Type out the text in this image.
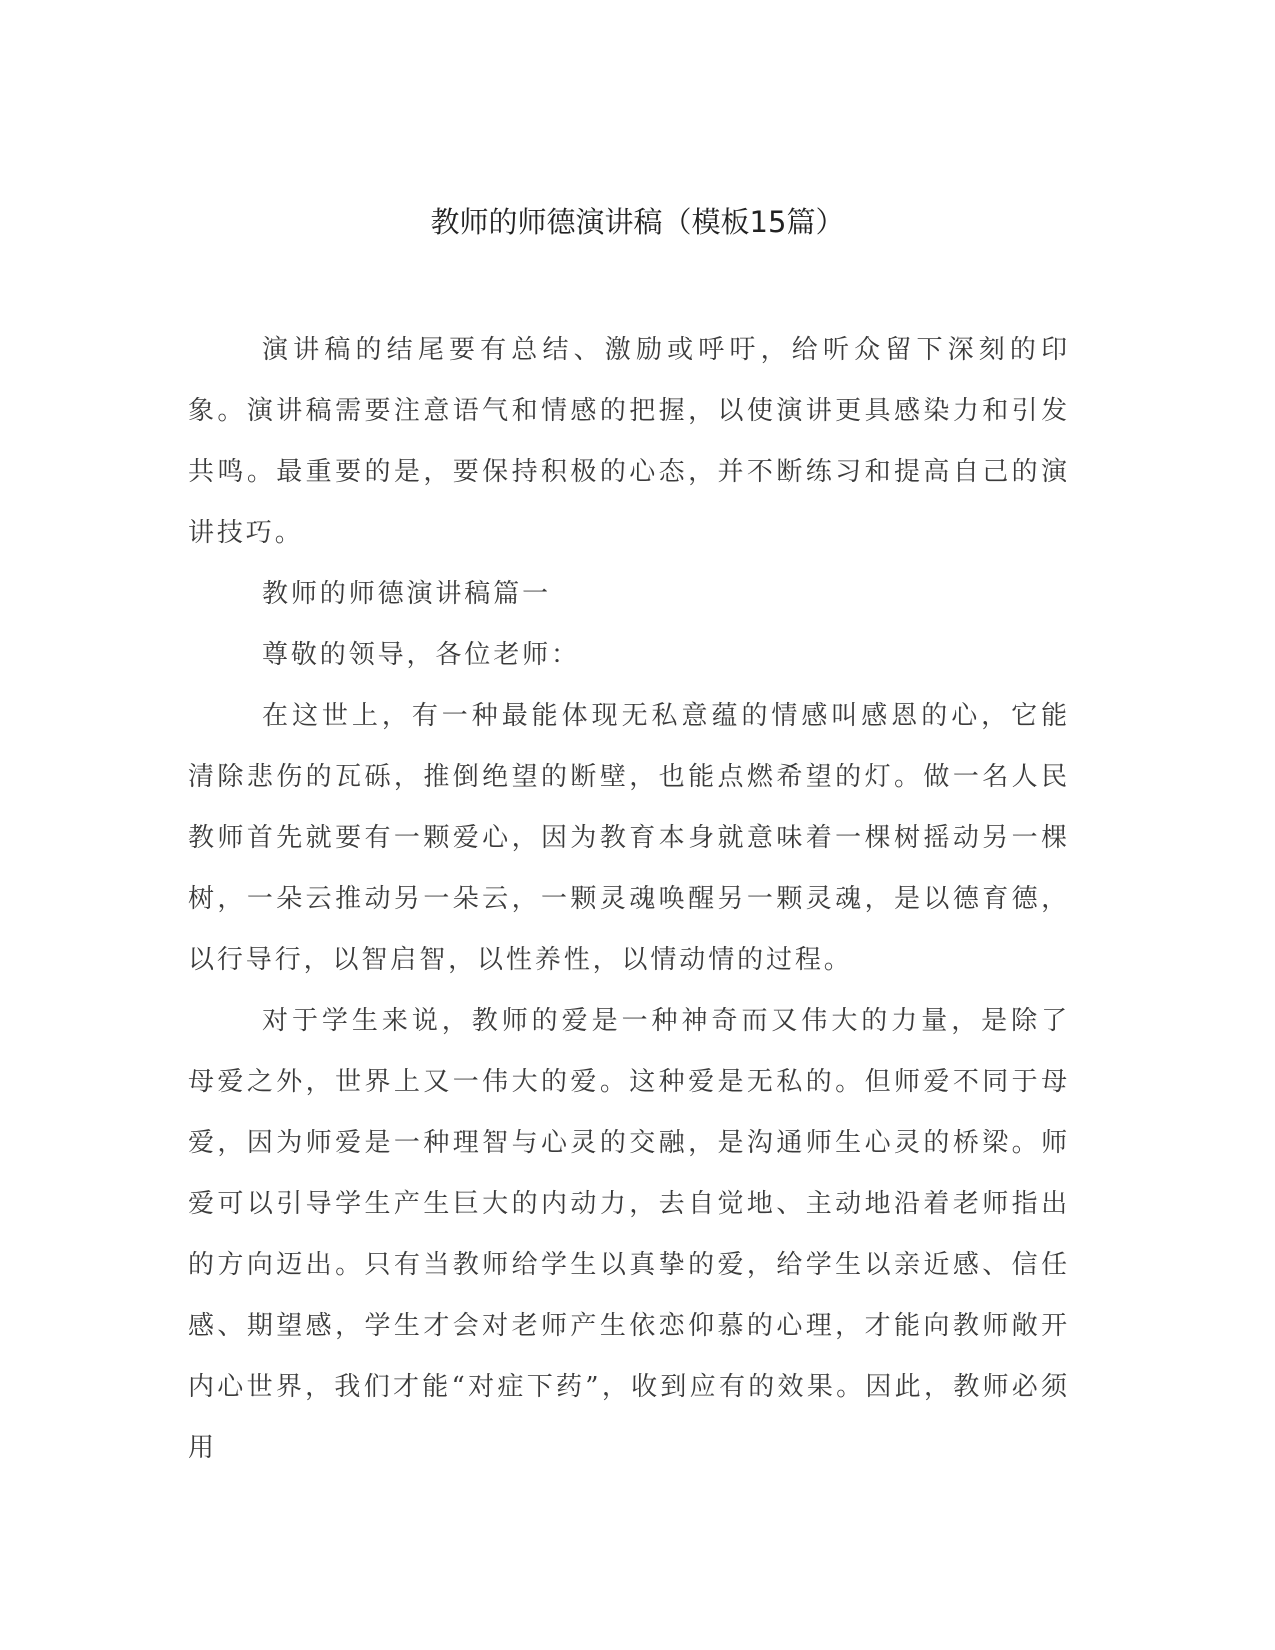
教师的师德演讲稿（模板15篇）

演讲稿的结尾要有总结、激励或呼吁，给听众留下深刻的印象。演讲稿需要注意语气和情感的把握，以使演讲更具感染力和引发共鸣。最重要的是，要保持积极的心态，并不断练习和提高自己的演讲技巧。

教师的师德演讲稿篇一

尊敬的领导，各位老师：

在这世上，有一种最能体现无私意蕴的情感叫感恩的心，它能清除悲伤的瓦砾，推倒绝望的断壁，也能点燃希望的灯。做一名人民教师首先就要有一颗爱心，因为教育本身就意味着一棵树摇动另一棵树，一朵云推动另一朵云，一颗灵魂唤醒另一颗灵魂，是以德育德，以行导行，以智启智，以性养性，以情动情的过程。

对于学生来说，教师的爱是一种神奇而又伟大的力量，是除了母爱之外，世界上又一伟大的爱。这种爱是无私的。但师爱不同于母爱，因为师爱是一种理智与心灵的交融，是沟通师生心灵的桥梁。师爱可以引导学生产生巨大的内动力，去自觉地、主动地沿着老师指出的方向迈出。只有当教师给学生以真挚的爱，给学生以亲近感、信任感、期望感，学生才会对老师产生依恋仰慕的心理，才能向教师敞开内心世界，我们才能“对症下药”，收到应有的效果。因此，教师必须用
